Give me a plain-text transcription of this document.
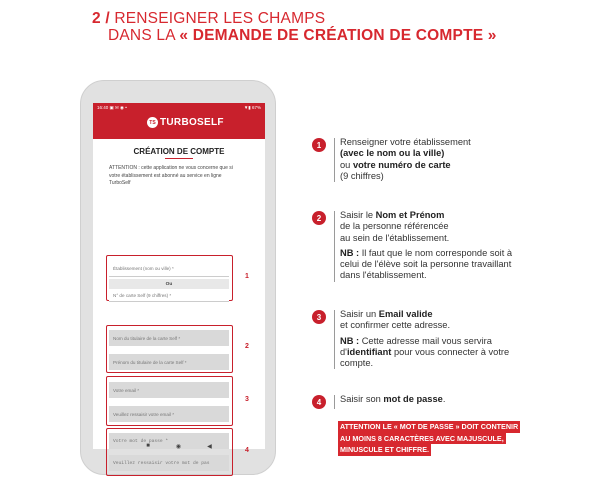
2 / RENSEIGNER LES CHAMPS
DANS LA « DEMANDE DE CRÉATION DE COMPTE »
16:40 ▣ ✉ ◉ •	▼▮ 67%
TS TURBOSELF
CRÉATION DE COMPTE
ATTENTION : cette application ne vous concerne que si votre établissement est abonné au service en ligne TurboSelf
Établissement (nom ou ville) *
Ou
N° de carte Self (9 chiffres) *
1
Nom du titulaire de la carte Self *
Prénom du titulaire de la carte Self *
2
Votre email *
Veuillez ressaisir votre email *
3
Votre mot de passe *
Veuillez ressaisir votre mot de pas
4
■	◉	◀
1	Renseigner votre établissement
(avec le nom ou la ville)
ou votre numéro de carte
(9 chiffres)
2	Saisir le Nom et Prénom
de la personne référencée
au sein de l'établissement.
NB : Il faut que le nom corresponde soit à celui de l'élève soit la personne travaillant dans l'établissement.
3	Saisir un Email valide
et confirmer cette adresse.
NB : Cette adresse mail vous servira d'identifiant pour vous connecter à votre compte.
4	Saisir son mot de passe.
ATTENTION LE « MOT DE PASSE » DOIT CONTENIR
AU MOINS 8 CARACTÈRES AVEC MAJUSCULE,
MINUSCULE ET CHIFFRE.
